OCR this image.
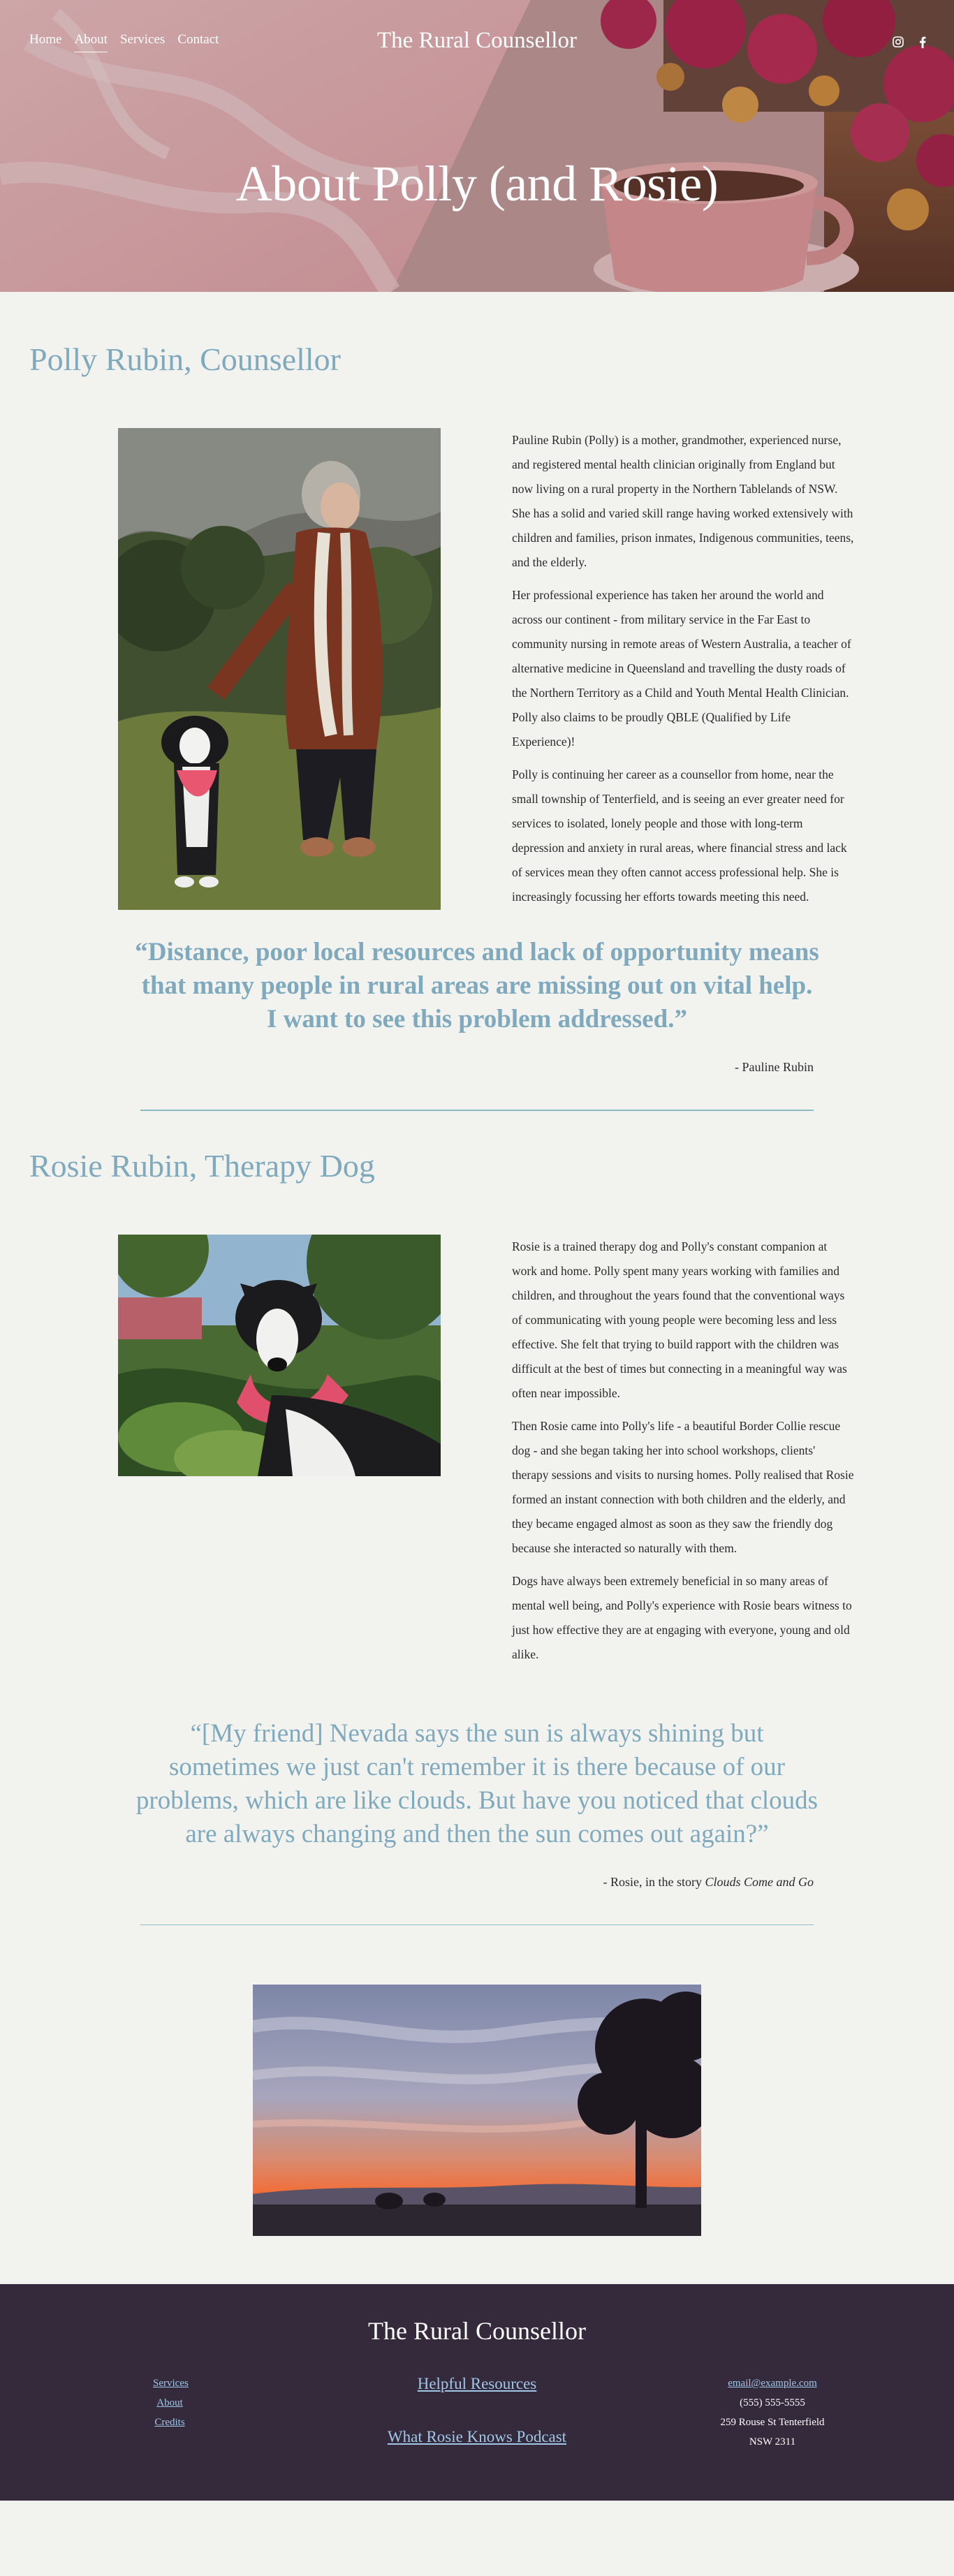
Home About Services Contact	The Rural Counsellor
About Polly (and Rosie)
Polly Rubin, Counsellor

Pauline Rubin (Polly) is a mother, grandmother, experienced nurse, and registered mental health clinician originally from England but now living on a rural property in the Northern Tablelands of NSW. She has a solid and varied skill range having worked extensively with children and families, prison inmates, Indigenous communities, teens, and the elderly.

Her professional experience has taken her around the world and across our continent - from military service in the Far East to community nursing in remote areas of Western Australia, a teacher of alternative medicine in Queensland and travelling the dusty roads of the Northern Territory as a Child and Youth Mental Health Clinician. Polly also claims to be proudly QBLE (Qualified by Life Experience)!

Polly is continuing her career as a counsellor from home, near the small township of Tenterfield, and is seeing an ever greater need for services to isolated, lonely people and those with long-term depression and anxiety in rural areas, where financial stress and lack of services mean they often cannot access professional help. She is increasingly focussing her efforts towards meeting this need.

“Distance, poor local resources and lack of opportunity means that many people in rural areas are missing out on vital help. I want to see this problem addressed.”
- Pauline Rubin
Rosie Rubin, Therapy Dog

Rosie is a trained therapy dog and Polly's constant companion at work and home. Polly spent many years working with families and children, and throughout the years found that the conventional ways of communicating with young people were becoming less and less effective. She felt that trying to build rapport with the children was difficult at the best of times but connecting in a meaningful way was often near impossible.

Then Rosie came into Polly's life - a beautiful Border Collie rescue dog - and she began taking her into school workshops, clients' therapy sessions and visits to nursing homes. Polly realised that Rosie formed an instant connection with both children and the elderly, and they became engaged almost as soon as they saw the friendly dog because she interacted so naturally with them.

Dogs have always been extremely beneficial in so many areas of mental well being, and Polly's experience with Rosie bears witness to just how effective they are at engaging with everyone, young and old alike.

“[My friend] Nevada says the sun is always shining but sometimes we just can't remember it is there because of our problems, which are like clouds. But have you noticed that clouds are always changing and then the sun comes out again?”
- Rosie, in the story Clouds Come and Go
The Rural Counsellor
Services
About
Credits
Helpful Resources
What Rosie Knows Podcast
email@example.com
(555) 555-5555
259 Rouse St Tenterfield NSW 2311
